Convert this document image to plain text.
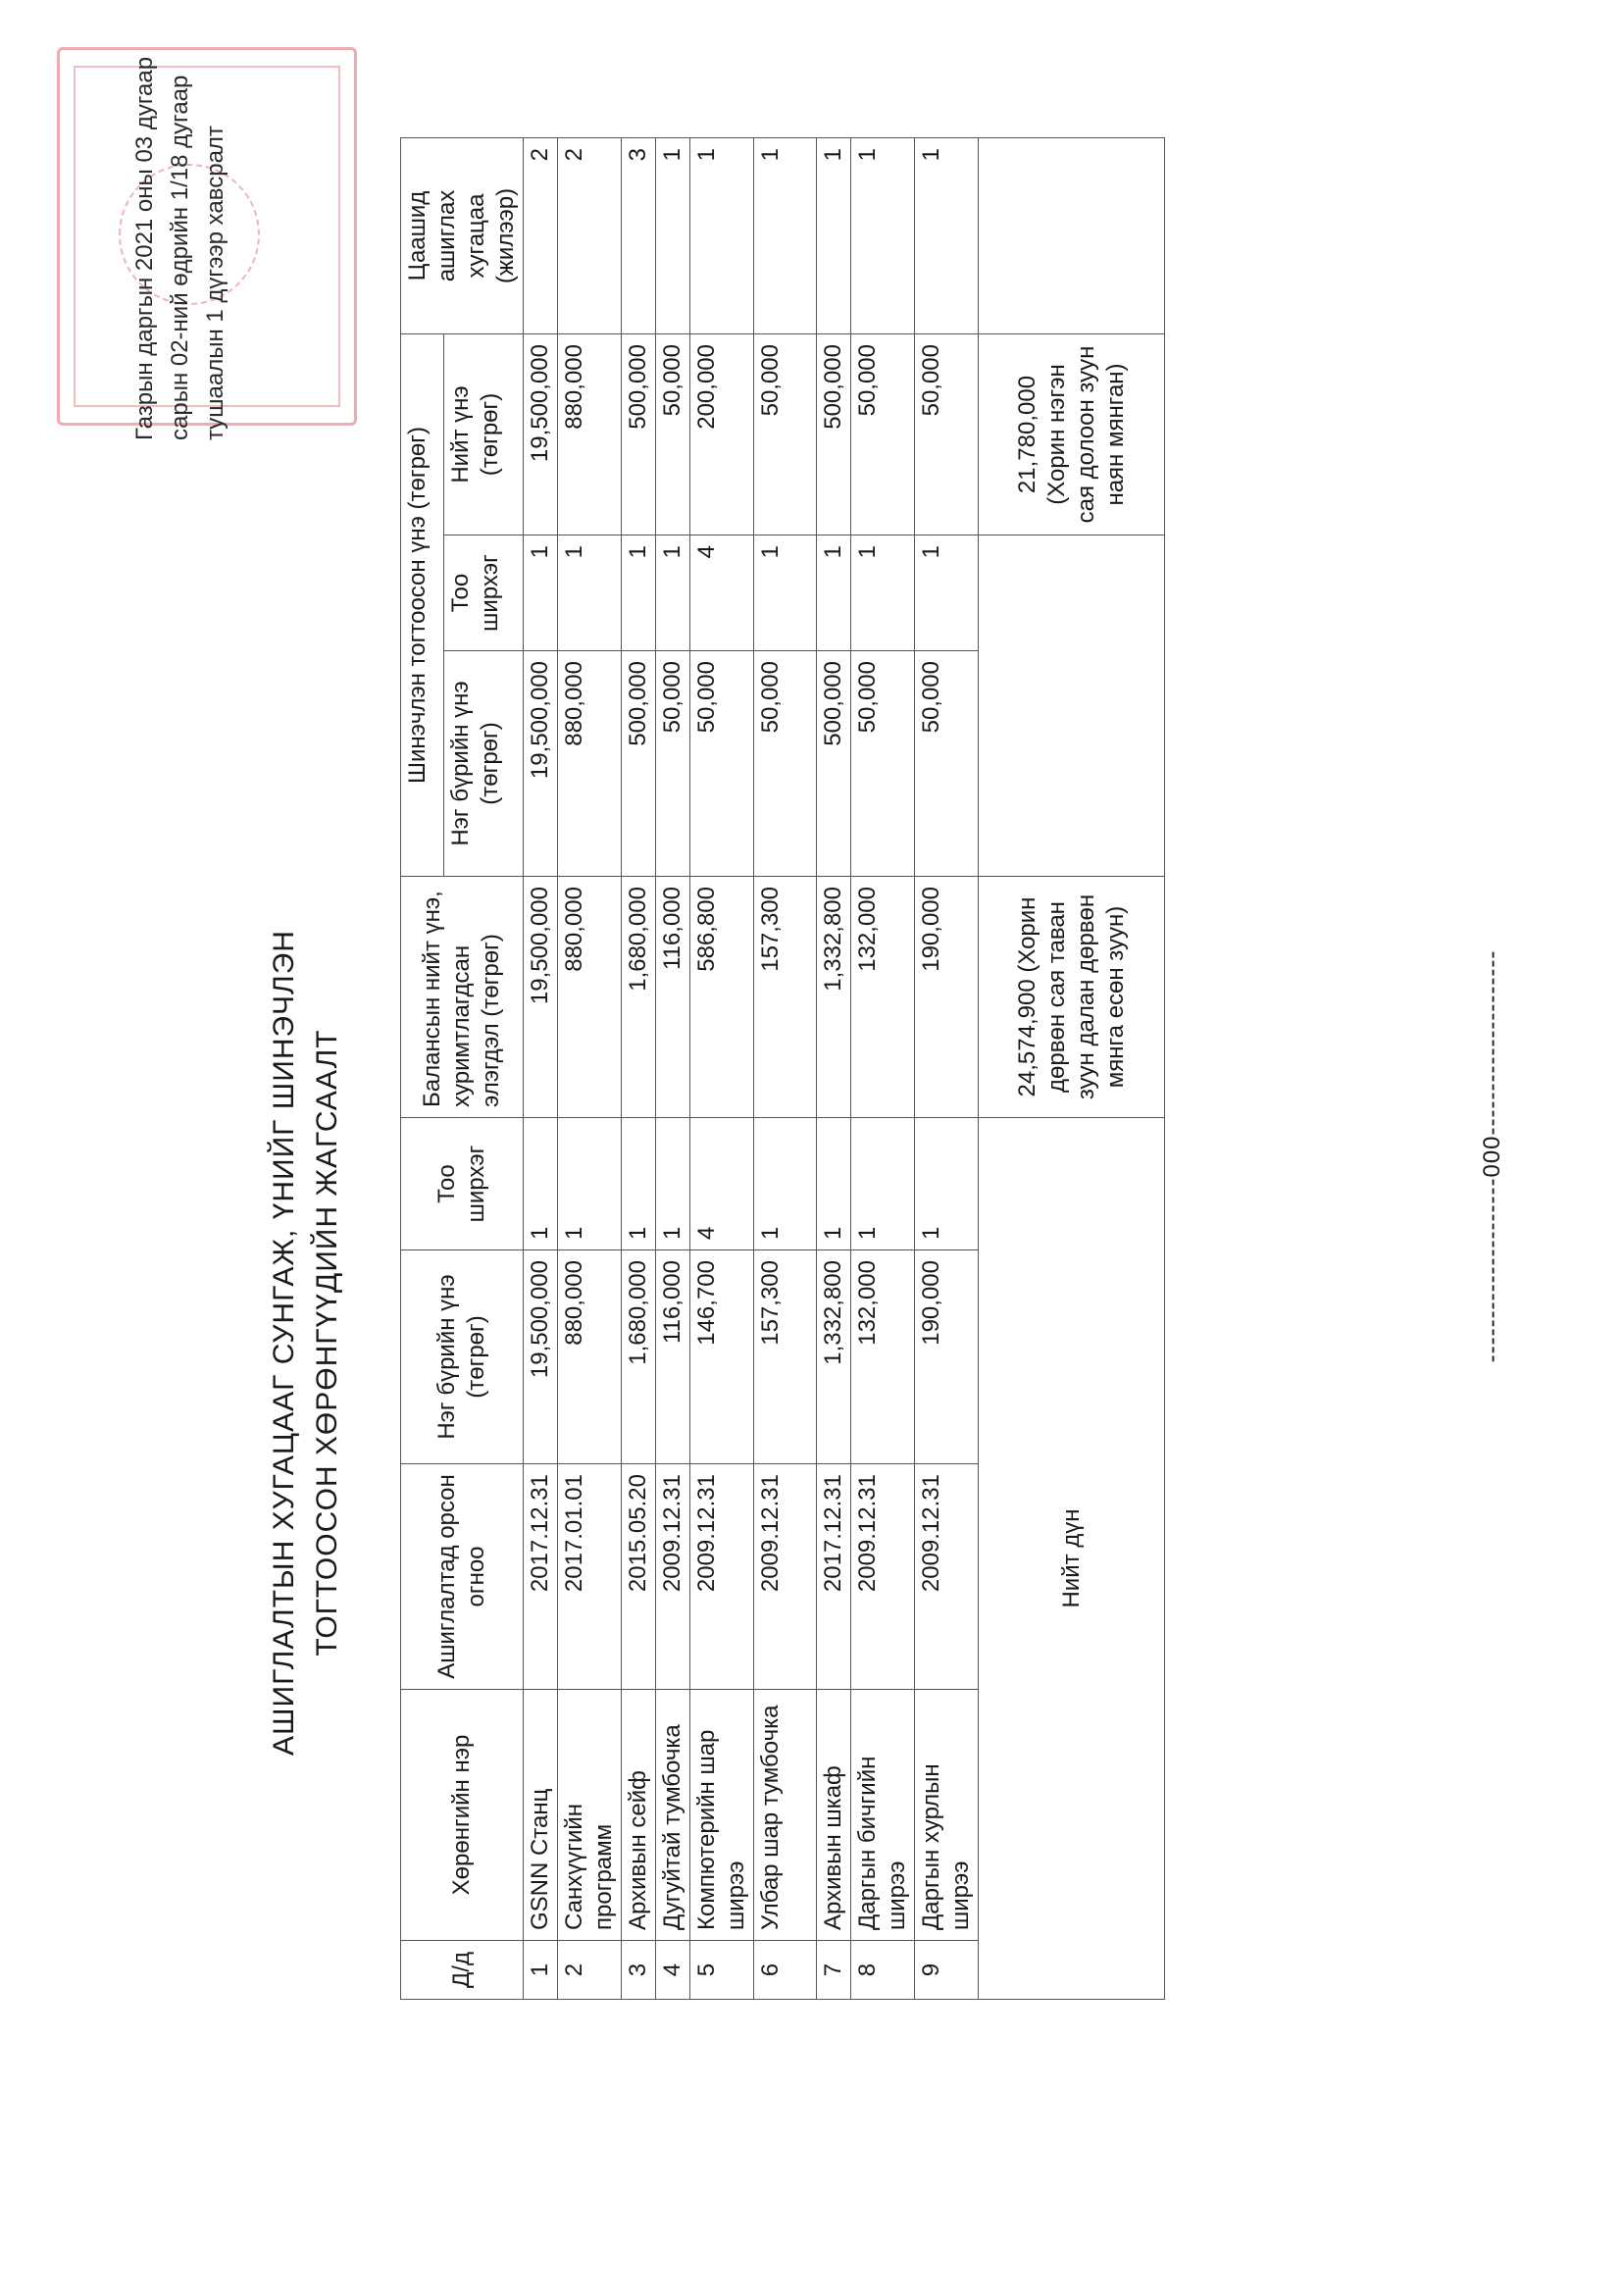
Газрын даргын 2021 оны 03 дугаар сарын 02-ний өдрийн 1/18 дугаар тушаалын 1 дүгээр хавсралт
АШИГЛАЛТЫН ХУГАЦААГ СУНГАЖ, ҮНИЙГ ШИНЭЧЛЭН ТОГТООСОН ХӨРӨНГҮҮДИЙН ЖАГСААЛТ
Д/д	Хөрөнгийн нэр	Ашиглалтад орсон огноо	Нэг бүрийн үнэ (төгрөг)	Тоо ширхэг	Балансын нийт үнэ, хуримтлагдсан элэгдэл (төгрөг)	Шинэчлэн тогтоосон үнэ (төгрөг)			Цаашид ашиглах хугацаа (жилээр)
						Нэг бүрийн үнэ (төгрөг)	Тоо ширхэг	Нийт үнэ (төгрөг)	
1	GSNN Станц	2017.12.31	19,500,000	1	19,500,000	19,500,000	1	19,500,000	2
2	Санхүүгийн программ	2017.01.01	880,000	1	880,000	880,000	1	880,000	2
3	Архивын сейф	2015.05.20	1,680,000	1	1,680,000	500,000	1	500,000	3
4	Дугуйтай тумбочка	2009.12.31	116,000	1	116,000	50,000	1	50,000	1
5	Компютерийн шар ширээ	2009.12.31	146,700	4	586,800	50,000	4	200,000	1
6	Улбар шар тумбочка	2009.12.31	157,300	1	157,300	50,000	1	50,000	1
7	Архивын шкаф	2017.12.31	1,332,800	1	1,332,800	500,000	1	500,000	1
8	Даргын бичгийн ширээ	2009.12.31	132,000	1	132,000	50,000	1	50,000	1
9	Даргын хурлын ширээ	2009.12.31	190,000	1	190,000	50,000	1	50,000	1
Нийт дүн					24,574,900 (Хорин дөрвөн сая таван зуун далан дөрвөн мянга есөн зуун)			21,780,000 (Хорин нэгэн сая долоон зуун наян мянган)	
---------------------000---------------------
